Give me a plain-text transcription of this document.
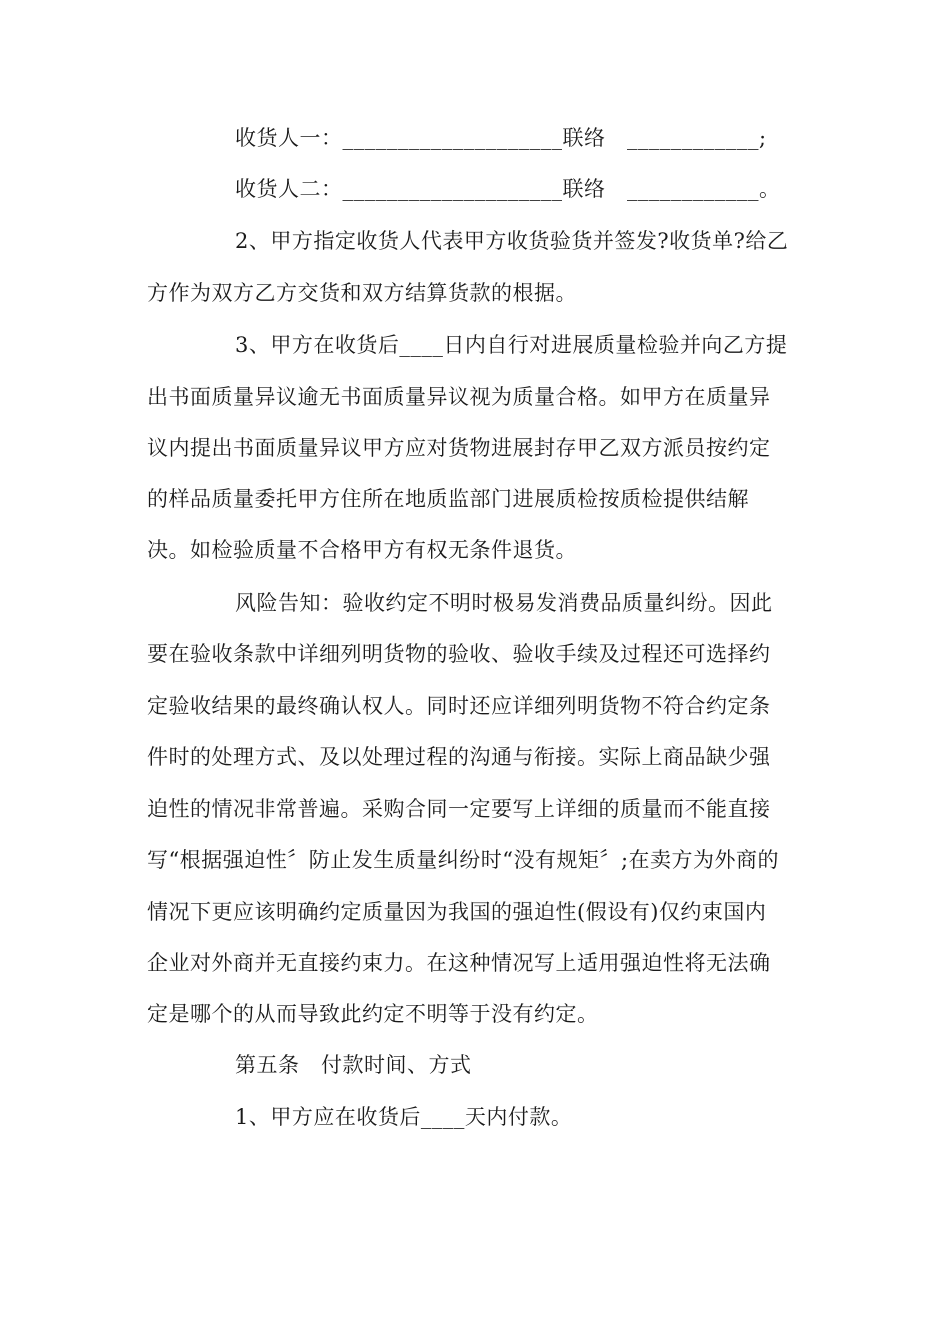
收货人一：____________________联络　____________;
收货人二：____________________联络　____________。
2、甲方指定收货人代表甲方收货验货并签发?收货单?给乙
方作为双方乙方交货和双方结算货款的根据。
3、甲方在收货后____日内自行对进展质量检验并向乙方提
出书面质量异议逾无书面质量异议视为质量合格。如甲方在质量异
议内提出书面质量异议甲方应对货物进展封存甲乙双方派员按约定
的样品质量委托甲方住所在地质监部门进展质检按质检提供结解
决。如检验质量不合格甲方有权无条件退货。
风险告知：验收约定不明时极易发消费品质量纠纷。因此
要在验收条款中详细列明货物的验收、验收手续及过程还可选择约
定验收结果的最终确认权人。同时还应详细列明货物不符合约定条
件时的处理方式、及以处理过程的沟通与衔接。实际上商品缺少强
迫性的情况非常普遍。采购合同一定要写上详细的质量而不能直接
写“根据强迫性〞防止发生质量纠纷时“没有规矩〞;在卖方为外商的
情况下更应该明确约定质量因为我国的强迫性(假设有)仅约束国内
企业对外商并无直接约束力。在这种情况写上适用强迫性将无法确
定是哪个的从而导致此约定不明等于没有约定。
第五条　付款时间、方式
1、甲方应在收货后____天内付款。
